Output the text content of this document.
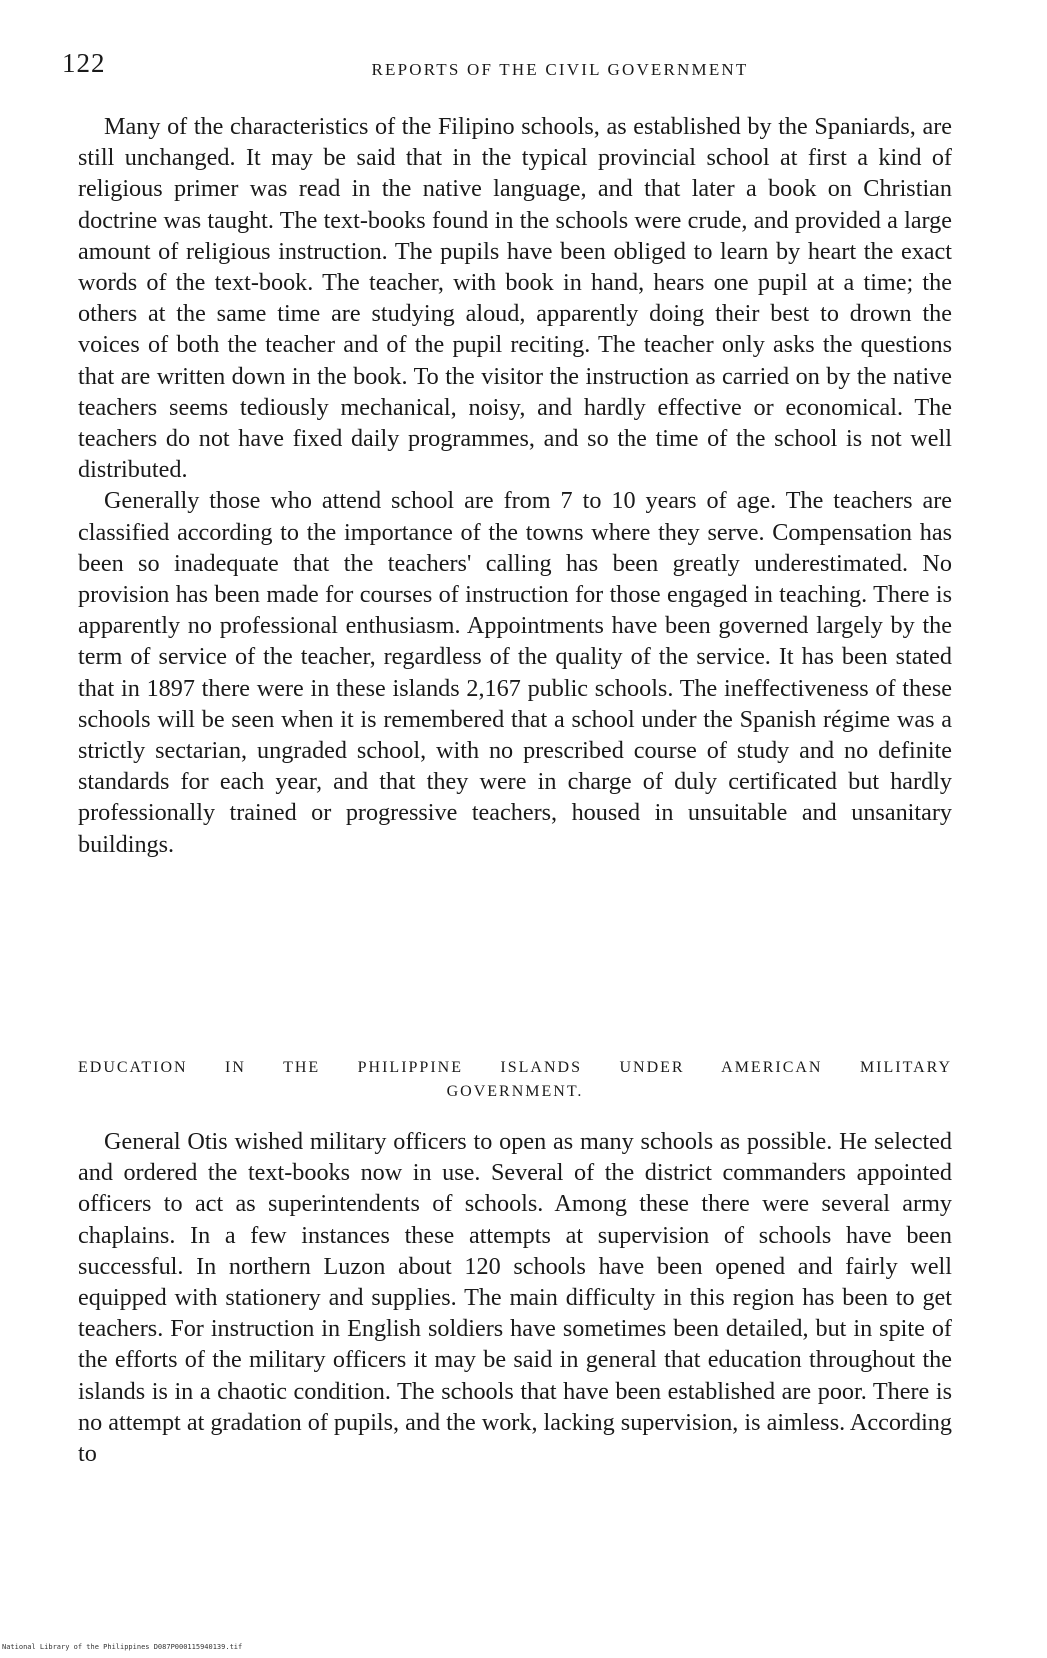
122	REPORTS OF THE CIVIL GOVERNMENT

Many of the characteristics of the Filipino schools, as established by the Spaniards, are still unchanged. It may be said that in the typical provincial school at first a kind of religious primer was read in the native language, and that later a book on Christian doctrine was taught. The text-books found in the schools were crude, and provided a large amount of religious instruction. The pupils have been obliged to learn by heart the exact words of the text-book. The teacher, with book in hand, hears one pupil at a time; the others at the same time are studying aloud, apparently doing their best to drown the voices of both the teacher and of the pupil reciting. The teacher only asks the questions that are written down in the book. To the visitor the instruction as carried on by the native teachers seems tediously mechanical, noisy, and hardly effective or economical. The teachers do not have fixed daily programmes, and so the time of the school is not well distributed.

Generally those who attend school are from 7 to 10 years of age. The teachers are classified according to the importance of the towns where they serve. Compensation has been so inadequate that the teachers' calling has been greatly underestimated. No provision has been made for courses of instruction for those engaged in teaching. There is apparently no professional enthusiasm. Appointments have been governed largely by the term of service of the teacher, regardless of the quality of the service. It has been stated that in 1897 there were in these islands 2,167 public schools. The ineffectiveness of these schools will be seen when it is remembered that a school under the Spanish régime was a strictly sectarian, ungraded school, with no prescribed course of study and no definite standards for each year, and that they were in charge of duly certificated but hardly professionally trained or progressive teachers, housed in unsuitable and unsanitary buildings.

EDUCATION IN THE PHILIPPINE ISLANDS UNDER AMERICAN MILITARY
GOVERNMENT.

General Otis wished military officers to open as many schools as possible. He selected and ordered the text-books now in use. Several of the district commanders appointed officers to act as superintendents of schools. Among these there were several army chaplains. In a few instances these attempts at supervision of schools have been successful. In northern Luzon about 120 schools have been opened and fairly well equipped with stationery and supplies. The main difficulty in this region has been to get teachers. For instruction in English soldiers have sometimes been detailed, but in spite of the efforts of the military officers it may be said in general that education throughout the islands is in a chaotic condition. The schools that have been established are poor. There is no attempt at gradation of pupils, and the work, lacking supervision, is aimless. According to

National Library of the Philippines D087P000115940139.tif
